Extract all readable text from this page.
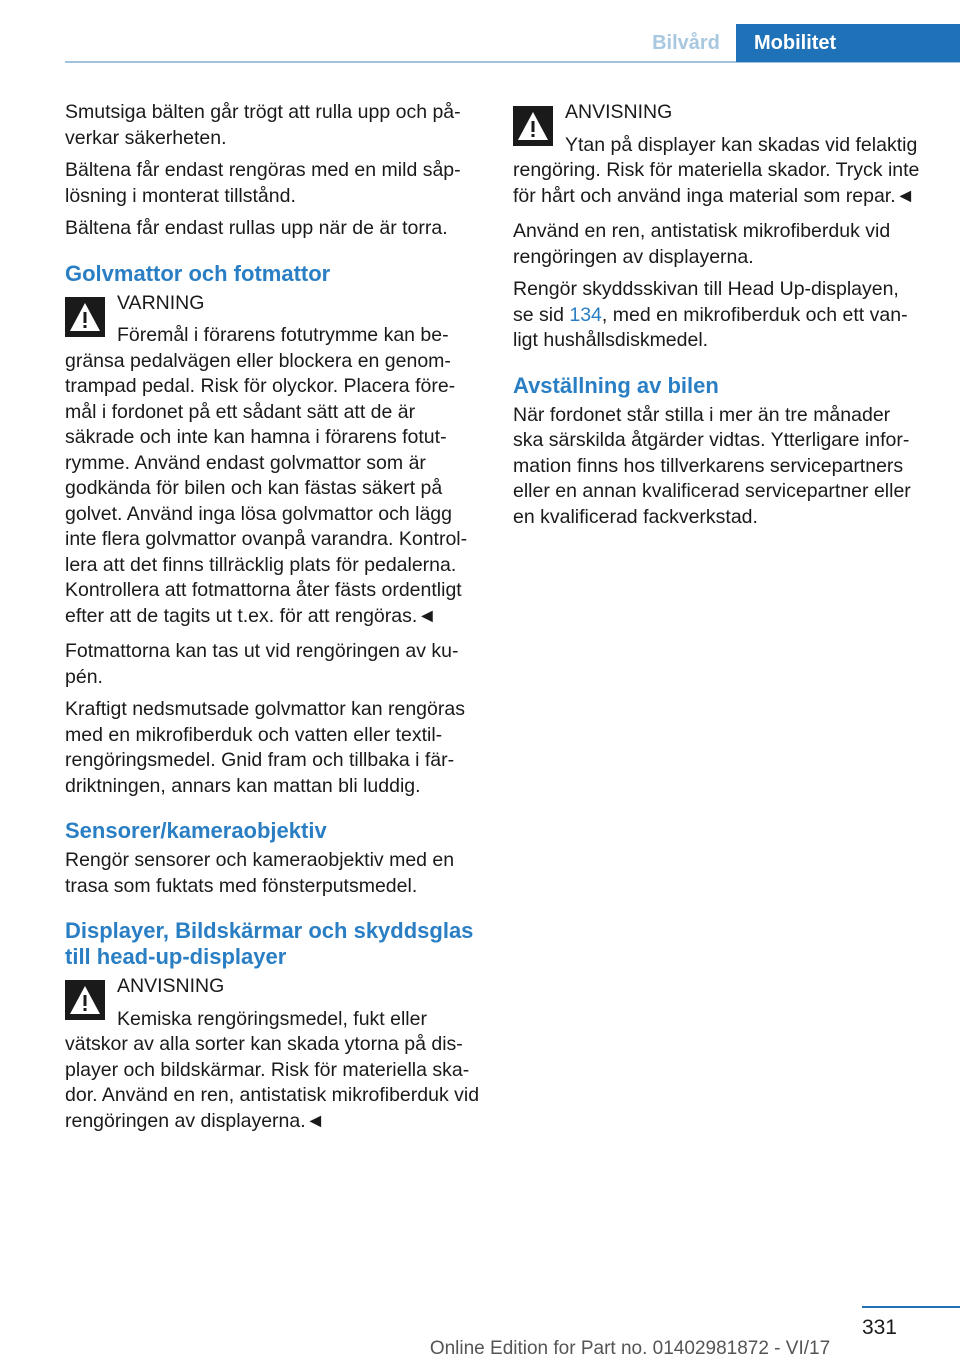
Bilvård	Mobilitet

Smutsiga bälten går trögt att rulla upp och påverkar säkerheten.

Bältena får endast rengöras med en mild såplösning i monterat tillstånd.

Bältena får endast rullas upp när de är torra.

Golvmattor och fotmattor
VARNING
Föremål i förarens fotutrymme kan begränsa pedalvägen eller blockera en genomtrampad pedal. Risk för olyckor. Placera föremål i fordonet på ett sådant sätt att de är säkrade och inte kan hamna i förarens fotutrymme. Använd endast golvmattor som är godkända för bilen och kan fästas säkert på golvet. Använd inga lösa golvmattor och lägg inte flera golvmattor ovanpå varandra. Kontrollera att det finns tillräcklig plats för pedalerna. Kontrollera att fotmattorna åter fästs ordentligt efter att de tagits ut t.ex. för att rengöras.◄

Fotmattorna kan tas ut vid rengöringen av kupén.

Kraftigt nedsmutsade golvmattor kan rengöras med en mikrofiberduk och vatten eller textilrengöringsmedel. Gnid fram och tillbaka i färdriktningen, annars kan mattan bli luddig.

Sensorer/kameraobjektiv

Rengör sensorer och kameraobjektiv med en trasa som fuktats med fönsterputsmedel.

Displayer, Bildskärmar och skyddsglas till head-up-displayer
ANVISNING
Kemiska rengöringsmedel, fukt eller vätskor av alla sorter kan skada ytorna på displayer och bildskärmar. Risk för materiella skador. Använd en ren, antistatisk mikrofiberduk vid rengöringen av displayerna.◄
ANVISNING
Ytan på displayer kan skadas vid felaktig rengöring. Risk för materiella skador. Tryck inte för hårt och använd inga material som repar.◄

Använd en ren, antistatisk mikrofiberduk vid rengöringen av displayerna.

Rengör skyddsskivan till Head Up-displayen, se sid 134, med en mikrofiberduk och ett vanligt hushållsdiskmedel.

Avställning av bilen

När fordonet står stilla i mer än tre månader ska särskilda åtgärder vidtas. Ytterligare information finns hos tillverkarens servicepartners eller en annan kvalificerad servicepartner eller en kvalificerad fackverkstad.

331
Online Edition for Part no. 01402981872 - VI/17
